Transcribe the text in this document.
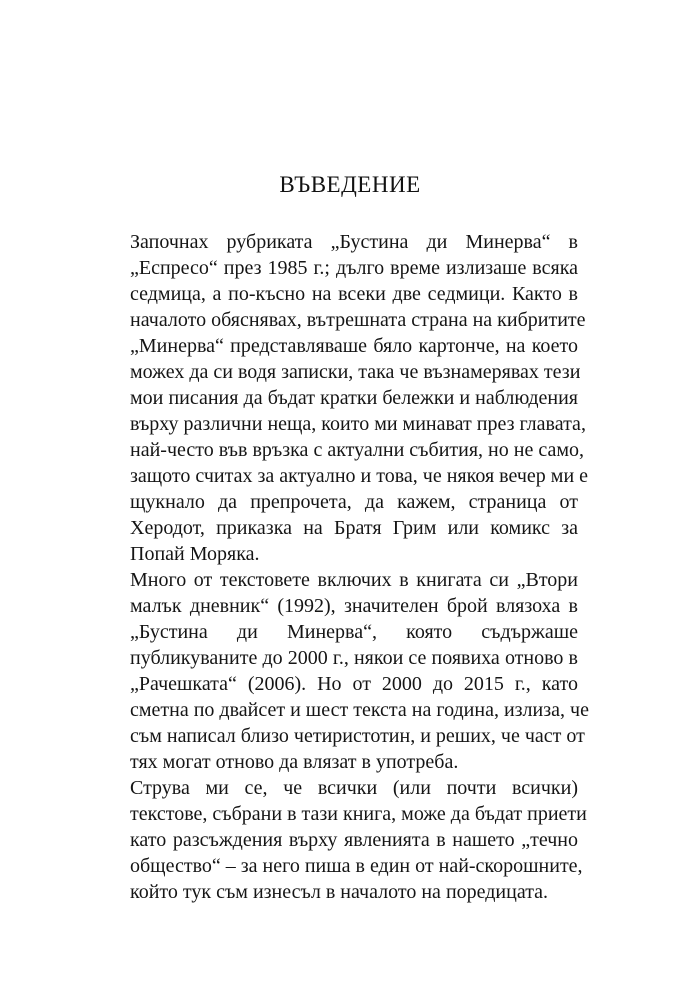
ВЪВЕДЕНИЕ

Започнах рубриката „Бустина ди Минерва“ в
„Еспресо“ през 1985 г.; дълго време излизаше всяка
седмица, а по-късно на всеки две седмици. Както в
началото обяснявах, вътрешната страна на кибритите
„Минерва“ представляваше бяло картонче, на което
можех да си водя записки, така че възнамерявах тези
мои писания да бъдат кратки бележки и наблюдения
върху различни неща, които ми минават през главата,
най-често във връзка с актуални събития, но не само,
защото считах за актуално и това, че някоя вечер ми е
щукнало да препрочета, да кажем, страница от
Херодот, приказка на Братя Грим или комикс за
Попай Моряка.

Много от текстовете включих в книгата си „Втори
малък дневник“ (1992), значителен брой влязоха в
„Бустина ди Минерва“, която съдържаше
публикуваните до 2000 г., някои се появиха отново в
„Рачешката“ (2006). Но от 2000 до 2015 г., като
сметна по двайсет и шест текста на година, излиза, че
съм написал близо четиристотин, и реших, че част от
тях могат отново да влязат в употреба.

Струва ми се, че всички (или почти всички)
текстове, събрани в тази книга, може да бъдат приети
като разсъждения върху явленията в нашето „течно
общество“ – за него пиша в един от най-скорошните,
който тук съм изнесъл в началото на поредицата.
